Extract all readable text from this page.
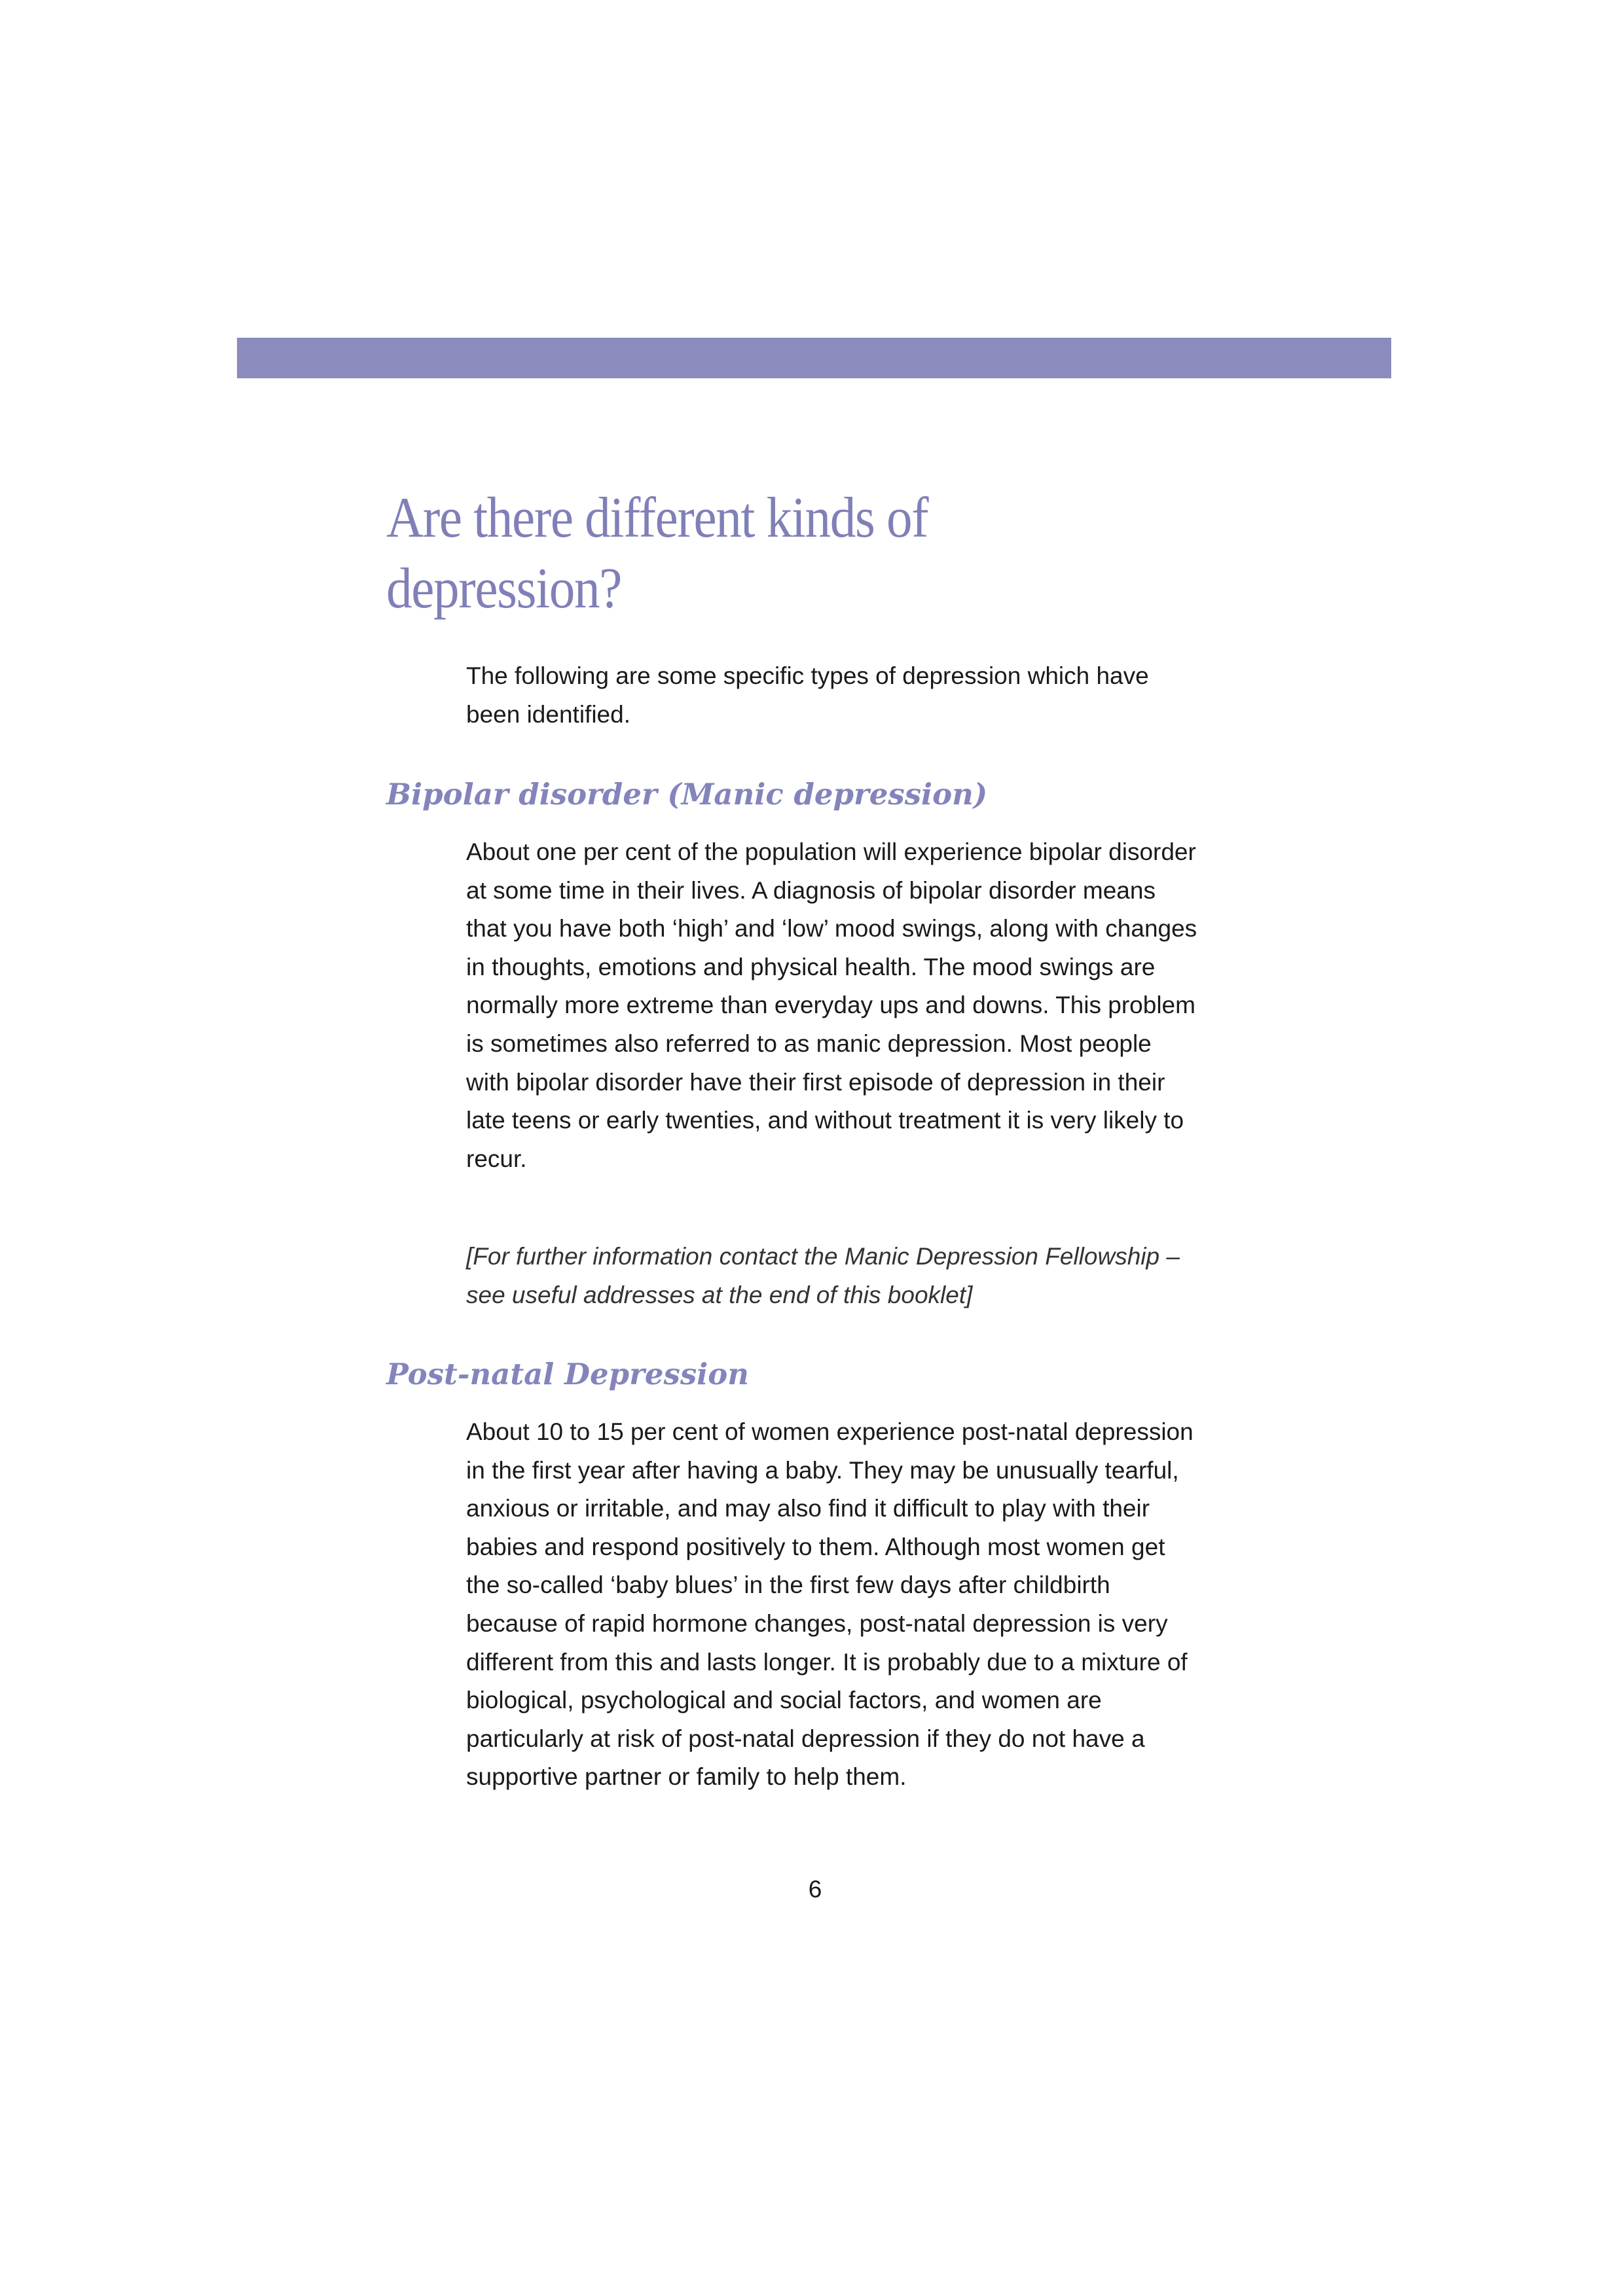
Are there different kinds of depression?

The following are some specific types of depression which have been identified.

Bipolar disorder (Manic depression)

About one per cent of the population will experience bipolar disorder at some time in their lives. A diagnosis of bipolar disorder means that you have both ‘high’ and ‘low’ mood swings, along with changes in thoughts, emotions and physical health. The mood swings are normally more extreme than everyday ups and downs. This problem is sometimes also referred to as manic depression. Most people with bipolar disorder have their first episode of depression in their late teens or early twenties, and without treatment it is very likely to recur.

[For further information contact the Manic Depression Fellowship – see useful addresses at the end of this booklet]

Post-natal Depression

About 10 to 15 per cent of women experience post-natal depression in the first year after having a baby. They may be unusually tearful, anxious or irritable, and may also find it difficult to play with their babies and respond positively to them. Although most women get the so-called ‘baby blues’ in the first few days after childbirth because of rapid hormone changes, post-natal depression is very different from this and lasts longer. It is probably due to a mixture of biological, psychological and social factors, and women are particularly at risk of post-natal depression if they do not have a supportive partner or family to help them.

6
